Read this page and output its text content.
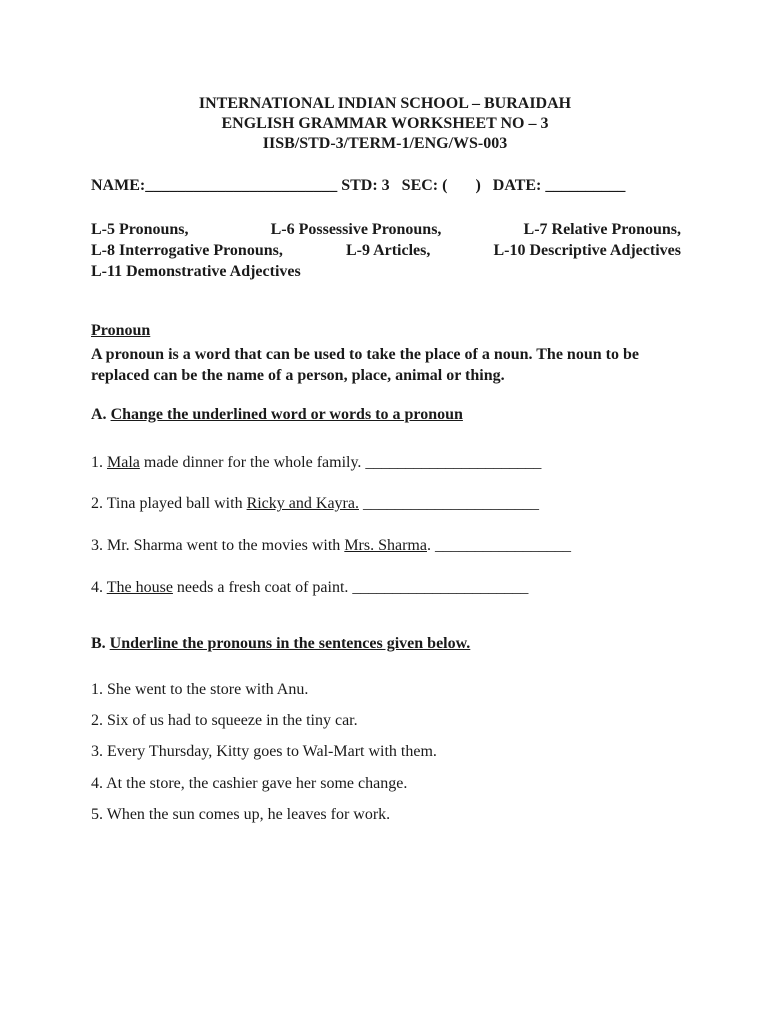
INTERNATIONAL INDIAN SCHOOL – BURAIDAH
ENGLISH GRAMMAR WORKSHEET NO – 3
IISB/STD-3/TERM-1/ENG/WS-003
NAME:________________________ STD: 3   SEC: (       )   DATE: __________
L-5 Pronouns,	L-6 Possessive Pronouns,	L-7 Relative Pronouns,
L-8 Interrogative Pronouns,	L-9 Articles,	L-10 Descriptive Adjectives
L-11 Demonstrative Adjectives
Pronoun
A pronoun is a word that can be used to take the place of a noun. The noun to be replaced can be the name of a person, place, animal or thing.
A. Change the underlined word or words to a pronoun
1. Mala made dinner for the whole family. ______________________
2. Tina played ball with Ricky and Kayra. ______________________
3. Mr. Sharma went to the movies with Mrs. Sharma. _________________
4. The house needs a fresh coat of paint. ______________________
B. Underline the pronouns in the sentences given below.
1. She went to the store with Anu.
2. Six of us had to squeeze in the tiny car.
3. Every Thursday, Kitty goes to Wal-Mart with them.
4. At the store, the cashier gave her some change.
5. When the sun comes up, he leaves for work.
